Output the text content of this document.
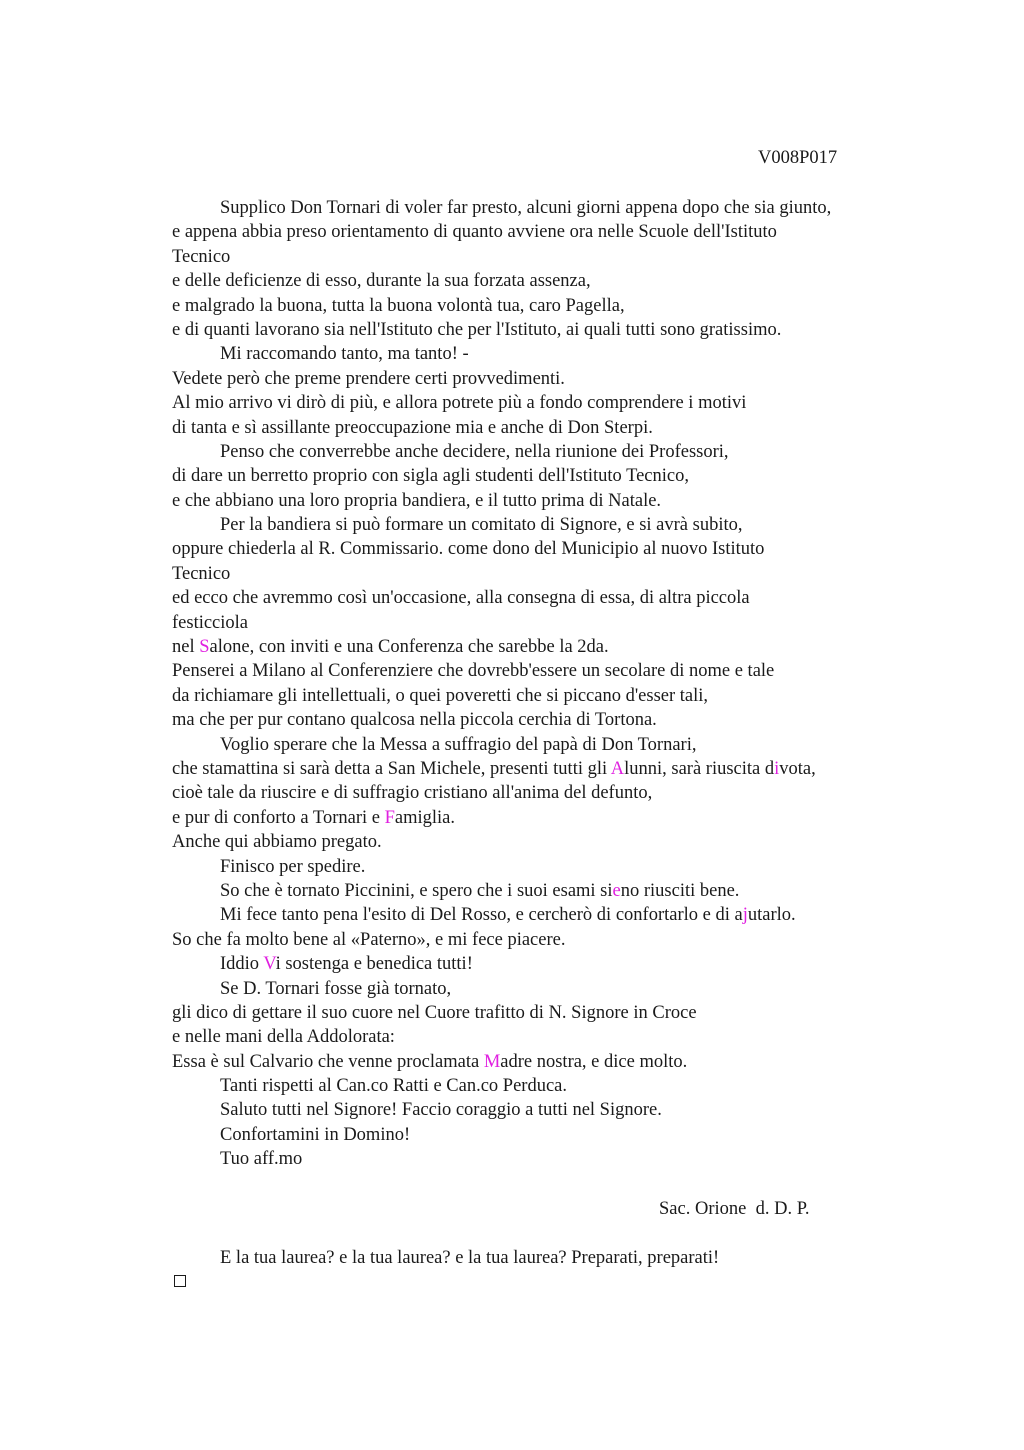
V008P017
Supplico Don Tornari di voler far presto, alcuni giorni appena dopo che sia giunto,
e appena abbia preso orientamento di quanto avviene ora nelle Scuole dell'Istituto
Tecnico
e delle deficienze di esso, durante la sua forzata assenza,
e malgrado la buona, tutta la buona volontà tua, caro Pagella,
e di quanti lavorano sia nell'Istituto che per l'Istituto, ai quali tutti sono gratissimo.
Mi raccomando tanto, ma tanto! -
Vedete però che preme prendere certi provvedimenti.
Al mio arrivo vi dirò di più, e allora potrete più a fondo comprendere i motivi
di tanta e sì assillante preoccupazione mia e anche di Don Sterpi.
Penso che converrebbe anche decidere, nella riunione dei Professori,
di dare un berretto proprio con sigla agli studenti dell'Istituto Tecnico,
e che abbiano una loro propria bandiera, e il tutto prima di Natale.
Per la bandiera si può formare un comitato di Signore, e si avrà subito,
oppure chiederla al R. Commissario. come dono del Municipio al nuovo Istituto
Tecnico
ed ecco che avremmo così un'occasione, alla consegna di essa, di altra piccola
festicciola
nel Salone, con inviti e una Conferenza che sarebbe la 2da.
Penserei a Milano al Conferenziere che dovrebb'essere un secolare di nome e tale
da richiamare gli intellettuali, o quei poveretti che si piccano d'esser tali,
ma che per pur contano qualcosa nella piccola cerchia di Tortona.
Voglio sperare che la Messa a suffragio del papà di Don Tornari,
che stamattina si sarà detta a San Michele, presenti tutti gli Alunni, sarà riuscita divota,
cioè tale da riuscire e di suffragio cristiano all'anima del defunto,
e pur di conforto a Tornari e Famiglia.
Anche qui abbiamo pregato.
Finisco per spedire.
So che è tornato Piccinini, e spero che i suoi esami sieno riusciti bene.
Mi fece tanto pena l'esito di Del Rosso, e cercherò di confortarlo e di ajutarlo.
So che fa molto bene al «Paterno», e mi fece piacere.
Iddio Vi sostenga e benedica tutti!
Se D. Tornari fosse già tornato,
gli dico di gettare il suo cuore nel Cuore trafitto di N. Signore in Croce
e nelle mani della Addolorata:
Essa è sul Calvario che venne proclamata Madre nostra, e dice molto.
Tanti rispetti al Can.co Ratti e Can.co Perduca.
Saluto tutti nel Signore! Faccio coraggio a tutti nel Signore.
Confortamini in Domino!
Tuo aff.mo
Sac. Orione  d. D. P.
E la tua laurea? e la tua laurea? e la tua laurea? Preparati, preparati!
